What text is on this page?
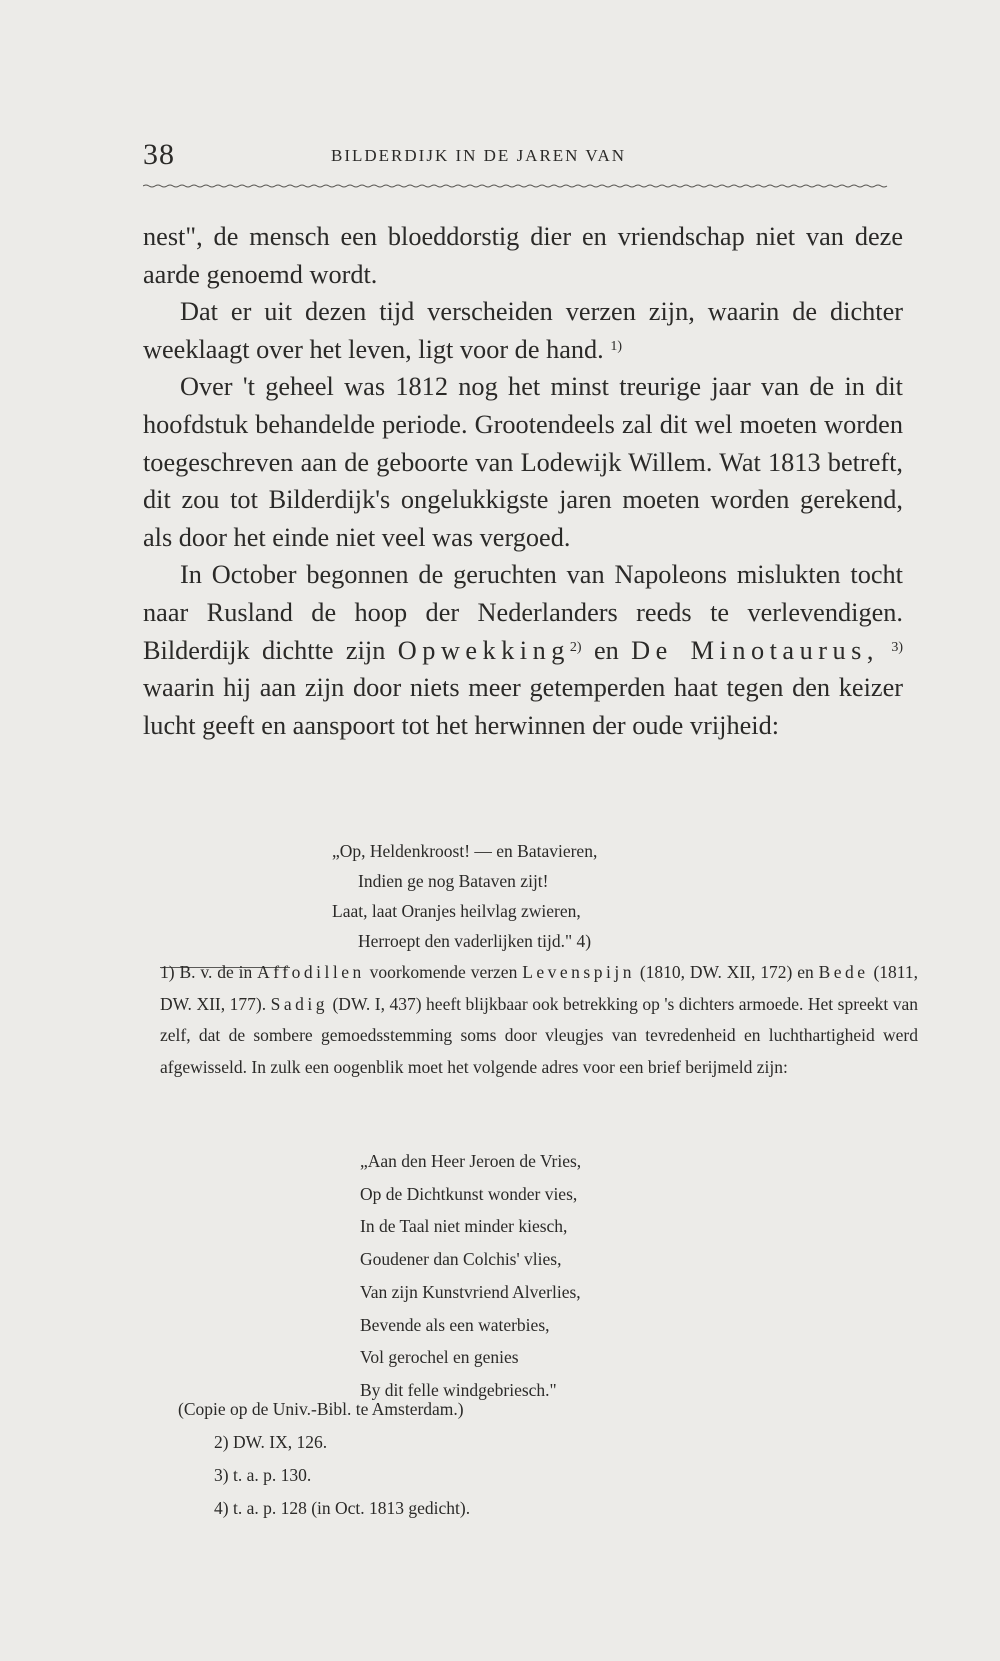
38	BILDERDIJK IN DE JAREN VAN

nest", de mensch een bloeddorstig dier en vriendschap niet van deze aarde genoemd wordt.

Dat er uit dezen tijd verscheiden verzen zijn, waarin de dichter weeklaagt over het leven, ligt voor de hand. $^{1)}$

Over 't geheel was 1812 nog het minst treurige jaar van de in dit hoofdstuk behandelde periode. Grootendeels zal dit wel moeten worden toegeschreven aan de geboorte van Lodewijk Willem. Wat 1813 betreft, dit zou tot Bilderdijk's ongelukkigste jaren moeten worden gerekend, als door het einde niet veel was vergoed.

In October begonnen de geruchten van Napoleons mislukten tocht naar Rusland de hoop der Nederlanders reeds te verlevendigen. Bilderdijk dichtte zijn Opwekking$^{2)}$ en De Minotaurus, $^{3)}$ waarin hij aan zijn door niets meer getemperden haat tegen den keizer lucht geeft en aanspoort tot het herwinnen der oude vrijheid:

„Op, Heldenkroost! — en Batavieren,
Indien ge nog Bataven zijt!
Laat, laat Oranjes heilvlag zwieren,
Herroept den vaderlijken tijd." 4)

1) B. v. de in Affodillen voorkomende verzen Levenspijn (1810, DW. XII, 172) en Bede (1811, DW. XII, 177). Sadig (DW. I, 437) heeft blijkbaar ook betrekking op 's dichters armoede. Het spreekt van zelf, dat de sombere gemoedsstemming soms door vleugjes van tevredenheid en luchthartigheid werd afgewisseld. In zulk een oogenblik moet het volgende adres voor een brief berijmeld zijn:

„Aan den Heer Jeroen de Vries,
Op de Dichtkunst wonder vies,
In de Taal niet minder kiesch,
Goudener dan Colchis' vlies,
Van zijn Kunstvriend Alverlies,
Bevende als een waterbies,
Vol gerochel en genies
By dit felle windgebriesch."
(Copie op de Univ.-Bibl. te Amsterdam.)
2) DW. IX, 126.
3) t. a. p. 130.
4) t. a. p. 128 (in Oct. 1813 gedicht).
